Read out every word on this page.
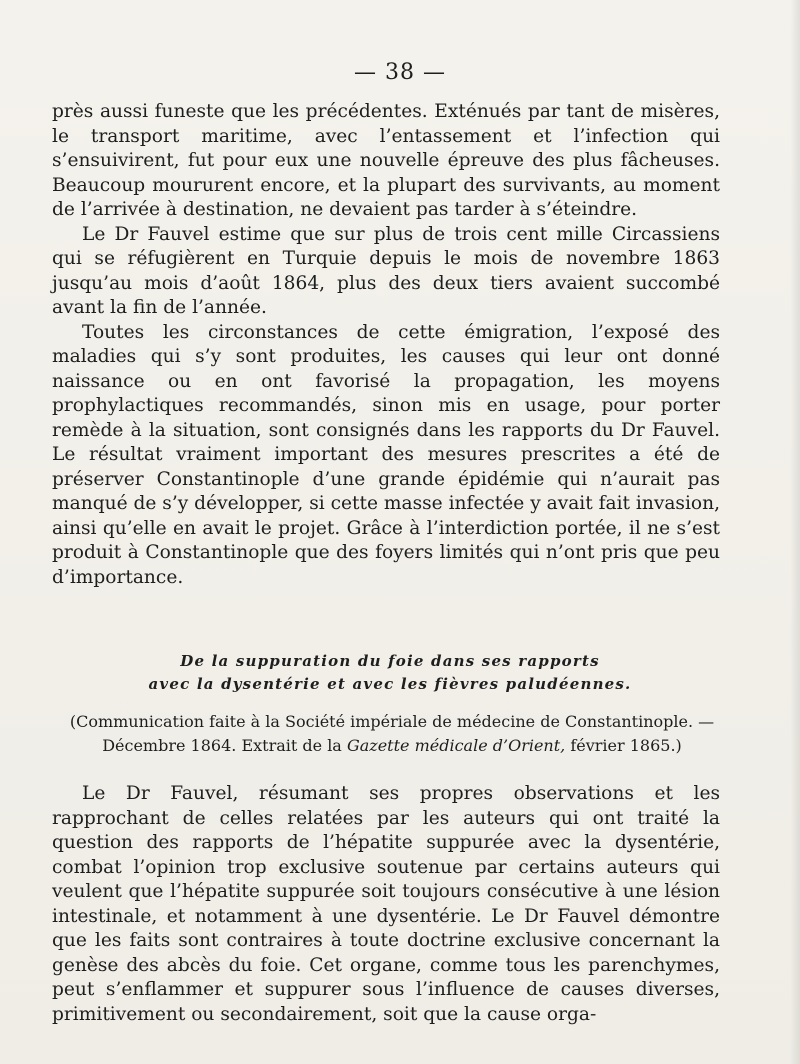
— 38 —

près aussi funeste que les précédentes. Exténués par tant de misères, le transport maritime, avec l’entassement et l’infection qui s’ensuivirent, fut pour eux une nouvelle épreuve des plus fâcheuses. Beaucoup moururent encore, et la plupart des survivants, au moment de l’arrivée à destination, ne devaient pas tarder à s’éteindre.

Le Dr Fauvel estime que sur plus de trois cent mille Circassiens qui se réfugièrent en Turquie depuis le mois de novembre 1863 jusqu’au mois d’août 1864, plus des deux tiers avaient succombé avant la fin de l’année.

Toutes les circonstances de cette émigration, l’exposé des maladies qui s’y sont produites, les causes qui leur ont donné naissance ou en ont favorisé la propagation, les moyens prophylactiques recommandés, sinon mis en usage, pour porter remède à la situation, sont consignés dans les rapports du Dr Fauvel. Le résultat vraiment important des mesures prescrites a été de préserver Constantinople d’une grande épidémie qui n’aurait pas manqué de s’y développer, si cette masse infectée y avait fait invasion, ainsi qu’elle en avait le projet. Grâce à l’interdiction portée, il ne s’est produit à Constantinople que des foyers limités qui n’ont pris que peu d’importance.

De la suppuration du foie dans ses rapports
avec la dysentérie et avec les fièvres paludéennes.
(Communication faite à la Société impériale de médecine de Constantinople. —
Décembre 1864. Extrait de la Gazette médicale d’Orient, février 1865.)

Le Dr Fauvel, résumant ses propres observations et les rapprochant de celles relatées par les auteurs qui ont traité la question des rapports de l’hépatite suppurée avec la dysentérie, combat l’opinion trop exclusive soutenue par certains auteurs qui veulent que l’hépatite suppurée soit toujours consécutive à une lésion intestinale, et notamment à une dysentérie. Le Dr Fauvel démontre que les faits sont contraires à toute doctrine exclusive concernant la genèse des abcès du foie. Cet organe, comme tous les parenchymes, peut s’enflammer et suppurer sous l’influence de causes diverses, primitivement ou secondairement, soit que la cause orga-
